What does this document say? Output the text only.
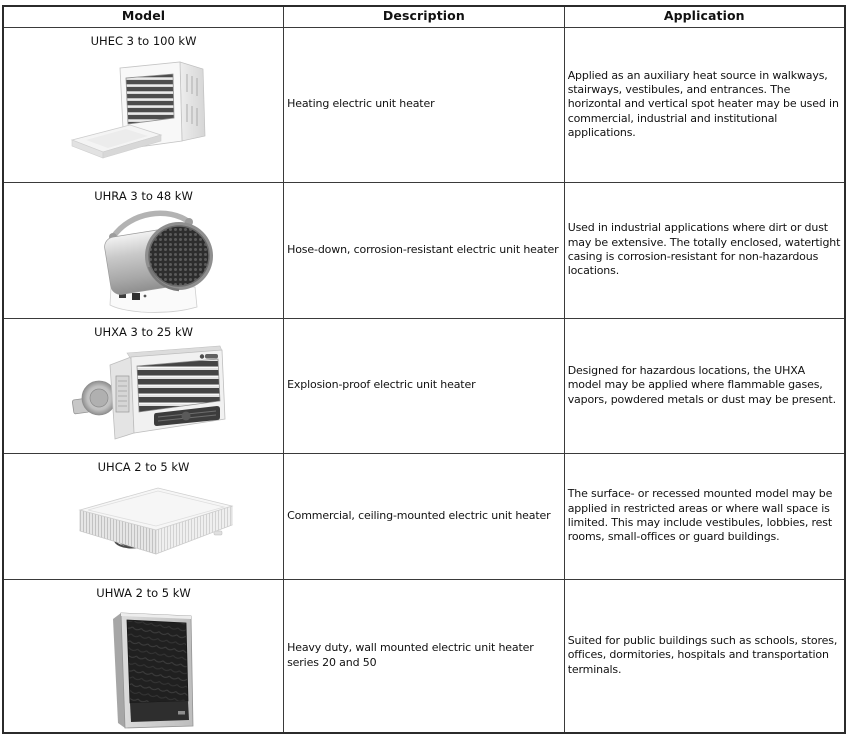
Model	Description	Application

UHEC 3 to 100 kW	Heating electric unit heater	Applied as an auxiliary heat source in walkways, stairways, vestibules, and entrances. The horizontal and vertical spot heater may be used in commercial, industrial and institutional applications.

UHRA 3 to 48 kW	Hose-down, corrosion-resistant electric unit heater	Used in industrial applications where dirt or dust may be extensive. The totally enclosed, watertight casing is corrosion-resistant for non-hazardous locations.

UHXA 3 to 25 kW	Explosion-proof electric unit heater	Designed for hazardous locations, the UHXA model may be applied where flammable gases, vapors, powdered metals or dust may be present.

UHCA 2 to 5 kW	Commercial, ceiling-mounted electric unit heater	The surface- or recessed mounted model may be applied in restricted areas or where wall space is limited. This may include vestibules, lobbies, rest rooms, small-offices or guard buildings.

UHWA 2 to 5 kW	Heavy duty, wall mounted electric unit heater series 20 and 50	Suited for public buildings such as schools, stores, offices, dormitories, hospitals and transportation terminals.
